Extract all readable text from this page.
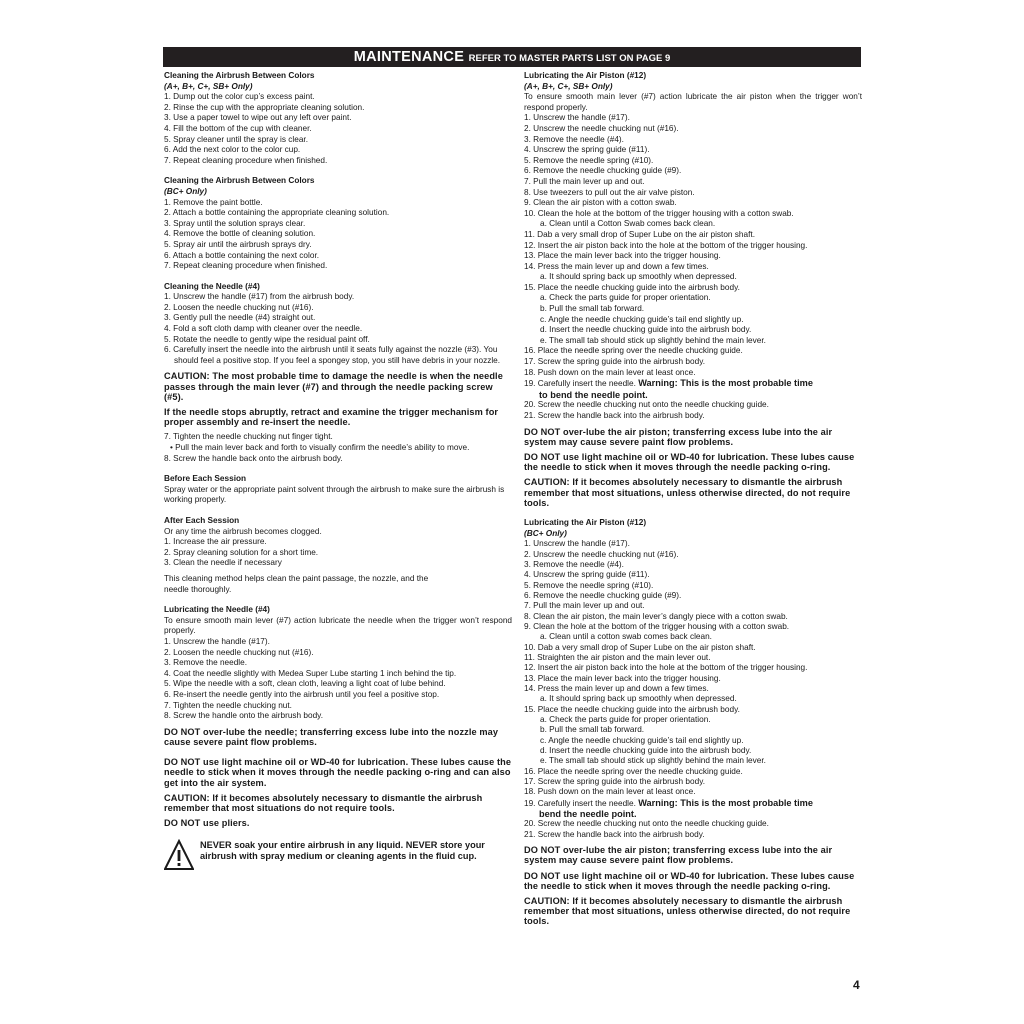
MAINTENANCE REFER TO MASTER PARTS LIST ON PAGE 9
Cleaning the Airbrush Between Colors
(A+, B+, C+, SB+ Only)
1. Dump out the color cup’s excess paint.
2. Rinse the cup with the appropriate cleaning solution.
3. Use a paper towel to wipe out any left over paint.
4. Fill the bottom of the cup with cleaner.
5. Spray cleaner until the spray is clear.
6. Add the next color to the color cup.
7. Repeat cleaning procedure when finished.
Cleaning the Airbrush Between Colors
(BC+ Only)
1. Remove the paint bottle.
2. Attach a bottle containing the appropriate cleaning solution.
3. Spray until the solution sprays clear.
4. Remove the bottle of cleaning solution.
5. Spray air until the airbrush sprays dry.
6. Attach a bottle containing the next color.
7. Repeat cleaning procedure when finished.
Cleaning the Needle (#4)
1. Unscrew the handle (#17) from the airbrush body.
2. Loosen the needle chucking nut (#16).
3. Gently pull the needle (#4) straight out.
4. Fold a soft cloth damp with cleaner over the needle.
5. Rotate the needle to gently wipe the residual paint off.
6. Carefully insert the needle into the airbrush until it seats fully against the nozzle (#3). You should feel a positive stop. If you feel a spongey stop, you still have debris in your nozzle.
CAUTION: The most probable time to damage the needle is when the needle passes through the main lever (#7) and through the needle packing screw (#5).
If the needle stops abruptly, retract and examine the trigger mechanism for proper assembly and re-insert the needle.
7. Tighten the needle chucking nut finger tight.
• Pull the main lever back and forth to visually confirm the needle’s ability to move.
8. Screw the handle back onto the airbrush body.
Before Each Session
Spray water or the appropriate paint solvent through the airbrush to make sure the airbrush is working properly.
After Each Session
Or any time the airbrush becomes clogged.
1. Increase the air pressure.
2. Spray cleaning solution for a short time.
3. Clean the needle if necessary
This cleaning method helps clean the paint passage, the nozzle, and the needle thoroughly.
Lubricating the Needle (#4)
To ensure smooth main lever (#7) action lubricate the needle when the trigger won’t respond properly.
1. Unscrew the handle (#17).
2. Loosen the needle chucking nut (#16).
3. Remove the needle.
4. Coat the needle slightly with Medea Super Lube starting 1 inch behind the tip.
5. Wipe the needle with a soft, clean cloth, leaving a light coat of lube behind.
6. Re-insert the needle gently into the airbrush until you feel a positive stop.
7. Tighten the needle chucking nut.
8. Screw the handle onto the airbrush body.
DO NOT over-lube the needle; transferring excess lube into the nozzle may cause severe paint flow problems.
DO NOT use light machine oil or WD-40 for lubrication. These lubes cause the needle to stick when it moves through the needle packing o-ring and can also get into the air system.
CAUTION: If it becomes absolutely necessary to dismantle the airbrush remember that most situations do not require tools.
DO NOT use pliers.
NEVER soak your entire airbrush in any liquid. NEVER store your airbrush with spray medium or cleaning agents in the fluid cup.
Lubricating the Air Piston (#12)
(A+, B+, C+, SB+ Only)
To ensure smooth main lever (#7) action lubricate the air piston when the trigger won’t respond properly.
1. Unscrew the handle (#17).
2. Unscrew the needle chucking nut (#16).
3. Remove the needle (#4).
4. Unscrew the spring guide (#11).
5. Remove the needle spring (#10).
6. Remove the needle chucking guide (#9).
7. Pull the main lever up and out.
8. Use tweezers to pull out the air valve piston.
9. Clean the air piston with a cotton swab.
10. Clean the hole at the bottom of the trigger housing with a cotton swab.
a. Clean until a Cotton Swab comes back clean.
11. Dab a very small drop of Super Lube on the air piston shaft.
12. Insert the air piston back into the hole at the bottom of the trigger housing.
13. Place the main lever back into the trigger housing.
14. Press the main lever up and down a few times.
a. It should spring back up smoothly when depressed.
15. Place the needle chucking guide into the airbrush body.
a. Check the parts guide for proper orientation.
b. Pull the small tab forward.
c. Angle the needle chucking guide’s tail end slightly up.
d. Insert the needle chucking guide into the airbrush body.
e. The small tab should stick up slightly behind the main lever.
16. Place the needle spring over the needle chucking guide.
17. Screw the spring guide into the airbrush body.
18. Push down on the main lever at least once.
19. Carefully insert the needle. Warning: This is the most probable time
to bend the needle point.
20. Screw the needle chucking nut onto the needle chucking guide.
21. Screw the handle back into the airbrush body.
DO NOT over-lube the air piston; transferring excess lube into the air system may cause severe paint flow problems.
DO NOT use light machine oil or WD-40 for lubrication. These lubes cause the needle to stick when it moves through the needle packing o-ring.
CAUTION: If it becomes absolutely necessary to dismantle the airbrush remember that most situations, unless otherwise directed, do not require tools.
Lubricating the Air Piston (#12)
(BC+ Only)
1. Unscrew the handle (#17).
2. Unscrew the needle chucking nut (#16).
3. Remove the needle (#4).
4. Unscrew the spring guide (#11).
5. Remove the needle spring (#10).
6. Remove the needle chucking guide (#9).
7. Pull the main lever up and out.
8. Clean the air piston, the main lever’s dangly piece with a cotton swab.
9. Clean the hole at the bottom of the trigger housing with a cotton swab.
a. Clean until a cotton swab comes back clean.
10. Dab a very small drop of Super Lube on the air piston shaft.
11. Straighten the air piston and the main lever out.
12. Insert the air piston back into the hole at the bottom of the trigger housing.
13. Place the main lever back into the trigger housing.
14. Press the main lever up and down a few times.
a. It should spring back up smoothly when depressed.
15. Place the needle chucking guide into the airbrush body.
a. Check the parts guide for proper orientation.
b. Pull the small tab forward.
c. Angle the needle chucking guide’s tail end slightly up.
d. Insert the needle chucking guide into the airbrush body.
e. The small tab should stick up slightly behind the main lever.
16. Place the needle spring over the needle chucking guide.
17. Screw the spring guide into the airbrush body.
18. Push down on the main lever at least once.
19. Carefully insert the needle. Warning: This is the most probable time
bend the needle point.
20. Screw the needle chucking nut onto the needle chucking guide.
21. Screw the handle back into the airbrush body.
DO NOT over-lube the air piston; transferring excess lube into the air system may cause severe paint flow problems.
DO NOT use light machine oil or WD-40 for lubrication. These lubes cause the needle to stick when it moves through the needle packing o-ring.
CAUTION: If it becomes absolutely necessary to dismantle the airbrush remember that most situations, unless otherwise directed, do not require tools.
4
